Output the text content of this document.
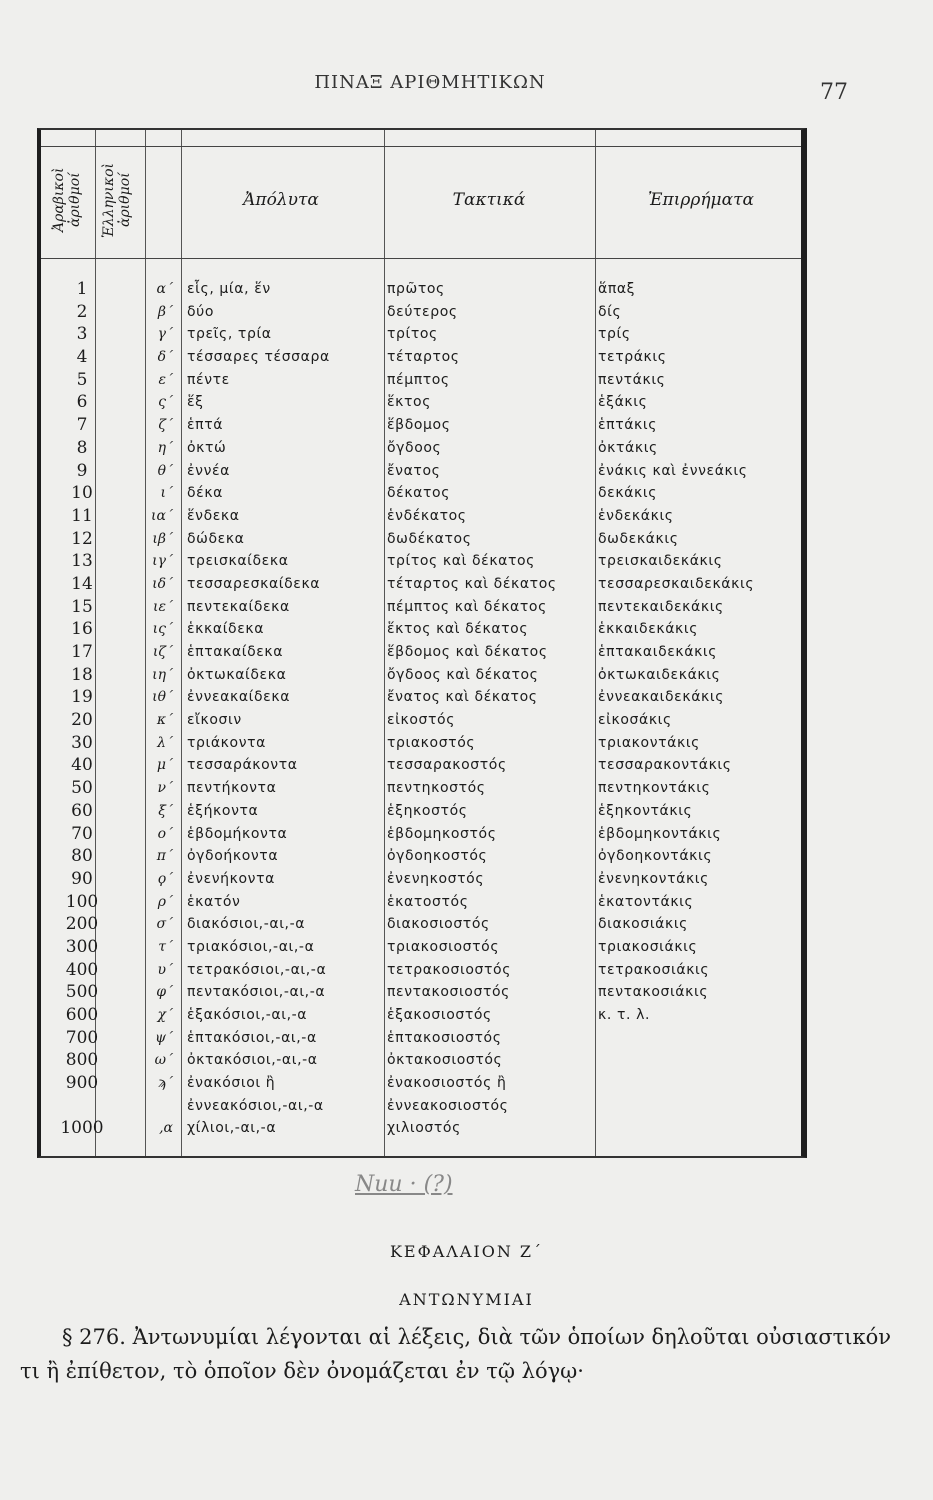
ΠΙΝΑΞ ΑΡΙΘΜΗΤΙΚΩΝ	77
Ἀραβικοὶ ἀριθμοί	Ἑλληνικοὶ ἀριθμοί	Ἀπόλυτα	Τακτικά	Ἐπιρρήματα
1	α΄ εἷς, μία, ἕν	πρῶτος	ἅπαξ
2	β΄ δύο	δεύτερος	δίς
3	γ΄ τρεῖς, τρία	τρίτος	τρίς
4	δ΄ τέσσαρες τέσσαρα	τέταρτος	τετράκις
5	ε΄ πέντε	πέμπτος	πεντάκις
6	ς΄ ἕξ	ἕκτος	ἑξάκις
7	ζ΄ ἑπτά	ἕβδομος	ἑπτάκις
8	η΄ ὀκτώ	ὄγδοος	ὀκτάκις
9	θ΄ ἐννέα	ἔνατος	ἐνάκις καὶ ἐννεάκις
10	ι΄ δέκα	δέκατος	δεκάκις
11	ια΄ ἕνδεκα	ἑνδέκατος	ἑνδεκάκις
12	ιβ΄ δώδεκα	δωδέκατος	δωδεκάκις
13	ιγ΄ τρεισκαίδεκα	τρίτος καὶ δέκατος	τρεισκαιδεκάκις
14	ιδ΄ τεσσαρεσκαίδεκα	τέταρτος καὶ δέκατος	τεσσαρεσκαιδεκάκις
15	ιε΄ πεντεκαίδεκα	πέμπτος καὶ δέκατος	πεντεκαιδεκάκις
16	ις΄ ἑκκαίδεκα	ἕκτος καὶ δέκατος	ἑκκαιδεκάκις
17	ιζ΄ ἑπτακαίδεκα	ἕβδομος καὶ δέκατος	ἑπτακαιδεκάκις
18	ιη΄ ὀκτωκαίδεκα	ὄγδοος καὶ δέκατος	ὀκτωκαιδεκάκις
19	ιθ΄ ἐννεακαίδεκα	ἔνατος καὶ δέκατος	ἐννεακαιδεκάκις
20	κ΄ εἴκοσιν	εἰκοστός	εἰκοσάκις
30	λ΄ τριάκοντα	τριακοστός	τριακοντάκις
40	μ΄ τεσσαράκοντα	τεσσαρακοστός	τεσσαρακοντάκις
50	ν΄ πεντήκοντα	πεντηκοστός	πεντηκοντάκις
60	ξ΄ ἑξήκοντα	ἑξηκοστός	ἑξηκοντάκις
70	ο΄ ἑβδομήκοντα	ἑβδομηκοστός	ἑβδομηκοντάκις
80	π΄ ὀγδοήκοντα	ὀγδοηκοστός	ὀγδοηκοντάκις
90	ϙ΄ ἐνενήκοντα	ἐνενηκοστός	ἐνενηκοντάκις
100	ρ΄ ἑκατόν	ἑκατοστός	ἑκατοντάκις
200	σ΄ διακόσιοι,-αι,-α	διακοσιοστός	διακοσιάκις
300	τ΄ τριακόσιοι,-αι,-α	τριακοσιοστός	τριακοσιάκις
400	υ΄ τετρακόσιοι,-αι,-α	τετρακοσιοστός	τετρακοσιάκις
500	φ΄ πεντακόσιοι,-αι,-α	πεντακοσιοστός	πεντακοσιάκις
600	χ΄ ἑξακόσιοι,-αι,-α	ἑξακοσιοστός	κ. τ. λ.
700	ψ΄ ἑπτακόσιοι,-αι,-α	ἑπτακοσιοστός
800	ω΄ ὀκτακόσιοι,-αι,-α	ὀκτακοσιοστός
900	ϡ΄ ἐνακόσιοι ἢ	ἐνακοσιοστός ἢ
ἐννεακόσιοι,-αι,-α	ἐννεακοσιοστός
1000	,α χίλιοι,-αι,-α	χιλιοστός
Nuu · (?)
ΚΕΦΑΛΑΙΟΝ Ζ΄
ΑΝΤΩΝΥΜΙΑΙ
§ 276. Ἀντωνυμίαι λέγονται αἱ λέξεις, διὰ τῶν ὁποίων δηλοῦται οὐσιαστικόν τι ἢ ἐπίθετον, τὸ ὁποῖον δὲν ὀνομάζεται ἐν τῷ λόγῳ·
